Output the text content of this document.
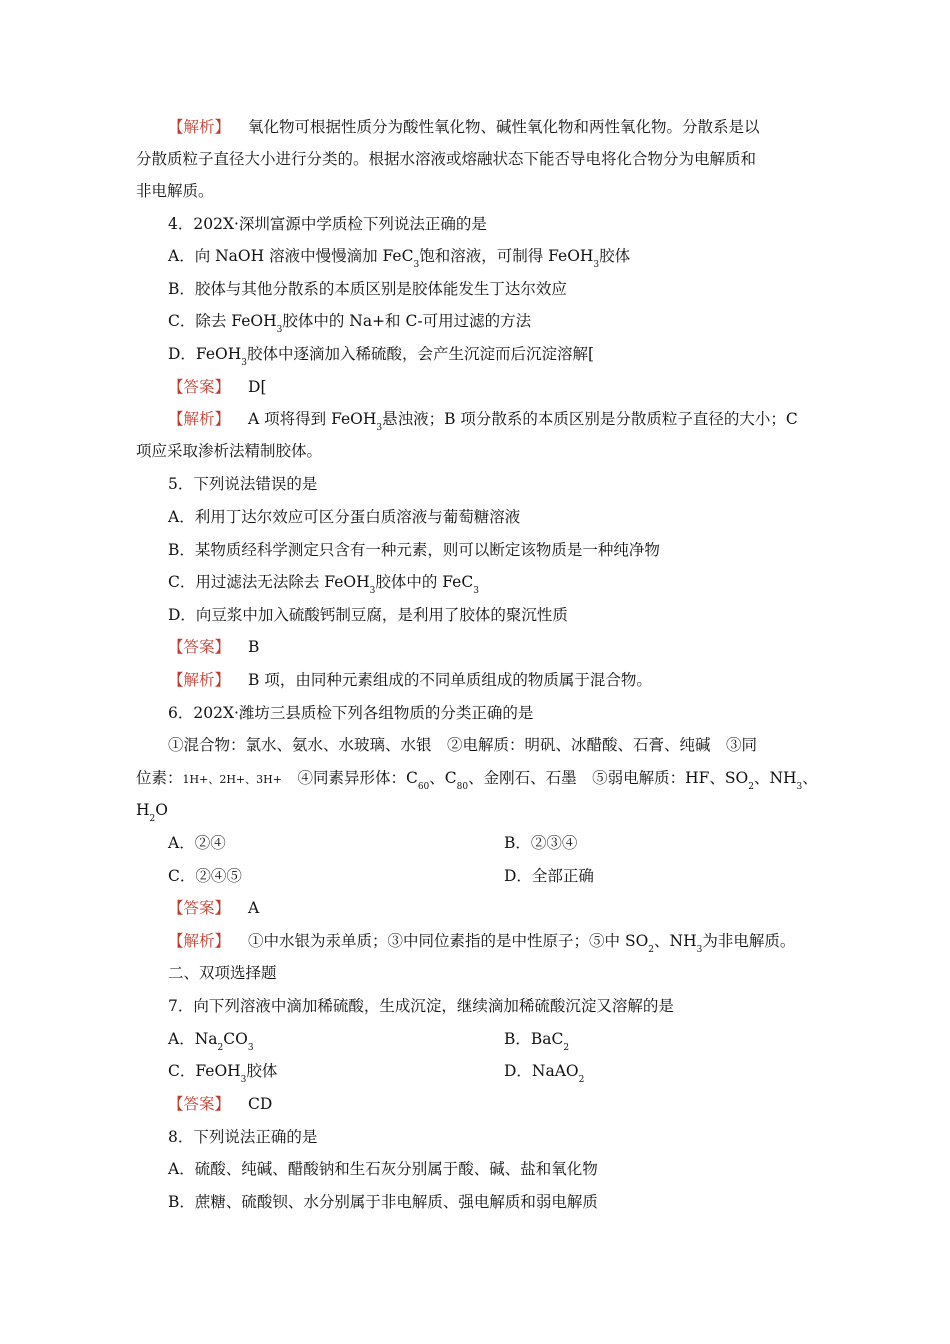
【解析】 氧化物可根据性质分为酸性氧化物、碱性氧化物和两性氧化物。分散系是以
分散质粒子直径大小进行分类的。根据水溶液或熔融状态下能否导电将化合物分为电解质和
非电解质。
4．202X·深圳富源中学质检下列说法正确的是
A．向 NaOH 溶液中慢慢滴加 FeC$_3$饱和溶液，可制得 FeOH$_3$胶体
B．胶体与其他分散系的本质区别是胶体能发生丁达尔效应
C．除去 FeOH$_3$胶体中的 Na+和 C-可用过滤的方法
D．FeOH$_3$胶体中逐滴加入稀硫酸，会产生沉淀而后沉淀溶解[
【答案】 D[
【解析】 A 项将得到 FeOH$_3$悬浊液；B 项分散系的本质区别是分散质粒子直径的大小；C
项应采取渗析法精制胶体。
5．下列说法错误的是
A．利用丁达尔效应可区分蛋白质溶液与葡萄糖溶液
B．某物质经科学测定只含有一种元素，则可以断定该物质是一种纯净物
C．用过滤法无法除去 FeOH$_3$胶体中的 FeC$_3$
D．向豆浆中加入硫酸钙制豆腐，是利用了胶体的聚沉性质
【答案】 B
【解析】 B 项，由同种元素组成的不同单质组成的物质属于混合物。
6．202X·潍坊三县质检下列各组物质的分类正确的是
①混合物：氯水、氨水、水玻璃、水银　②电解质：明矾、冰醋酸、石膏、纯碱　③同
位素：1H+、2H+、3H+　④同素异形体：$C_{60}$、$C_{80}$、金刚石、石墨　⑤弱电解质：HF、$SO_2$、$NH_3$、
$H_2O$
A．②④	B．②③④
C．②④⑤	D．全部正确
【答案】 A
【解析】 ①中水银为汞单质；③中同位素指的是中性原子；⑤中 $SO_2$、$NH_3$为非电解质。
二、双项选择题
7．向下列溶液中滴加稀硫酸，生成沉淀，继续滴加稀硫酸沉淀又溶解的是
A．$Na_2CO_3$	B．BaC$_2$
C．FeOH$_3$胶体	D．NaAO$_2$
【答案】 CD
8．下列说法正确的是
A．硫酸、纯碱、醋酸钠和生石灰分别属于酸、碱、盐和氧化物
B．蔗糖、硫酸钡、水分别属于非电解质、强电解质和弱电解质
